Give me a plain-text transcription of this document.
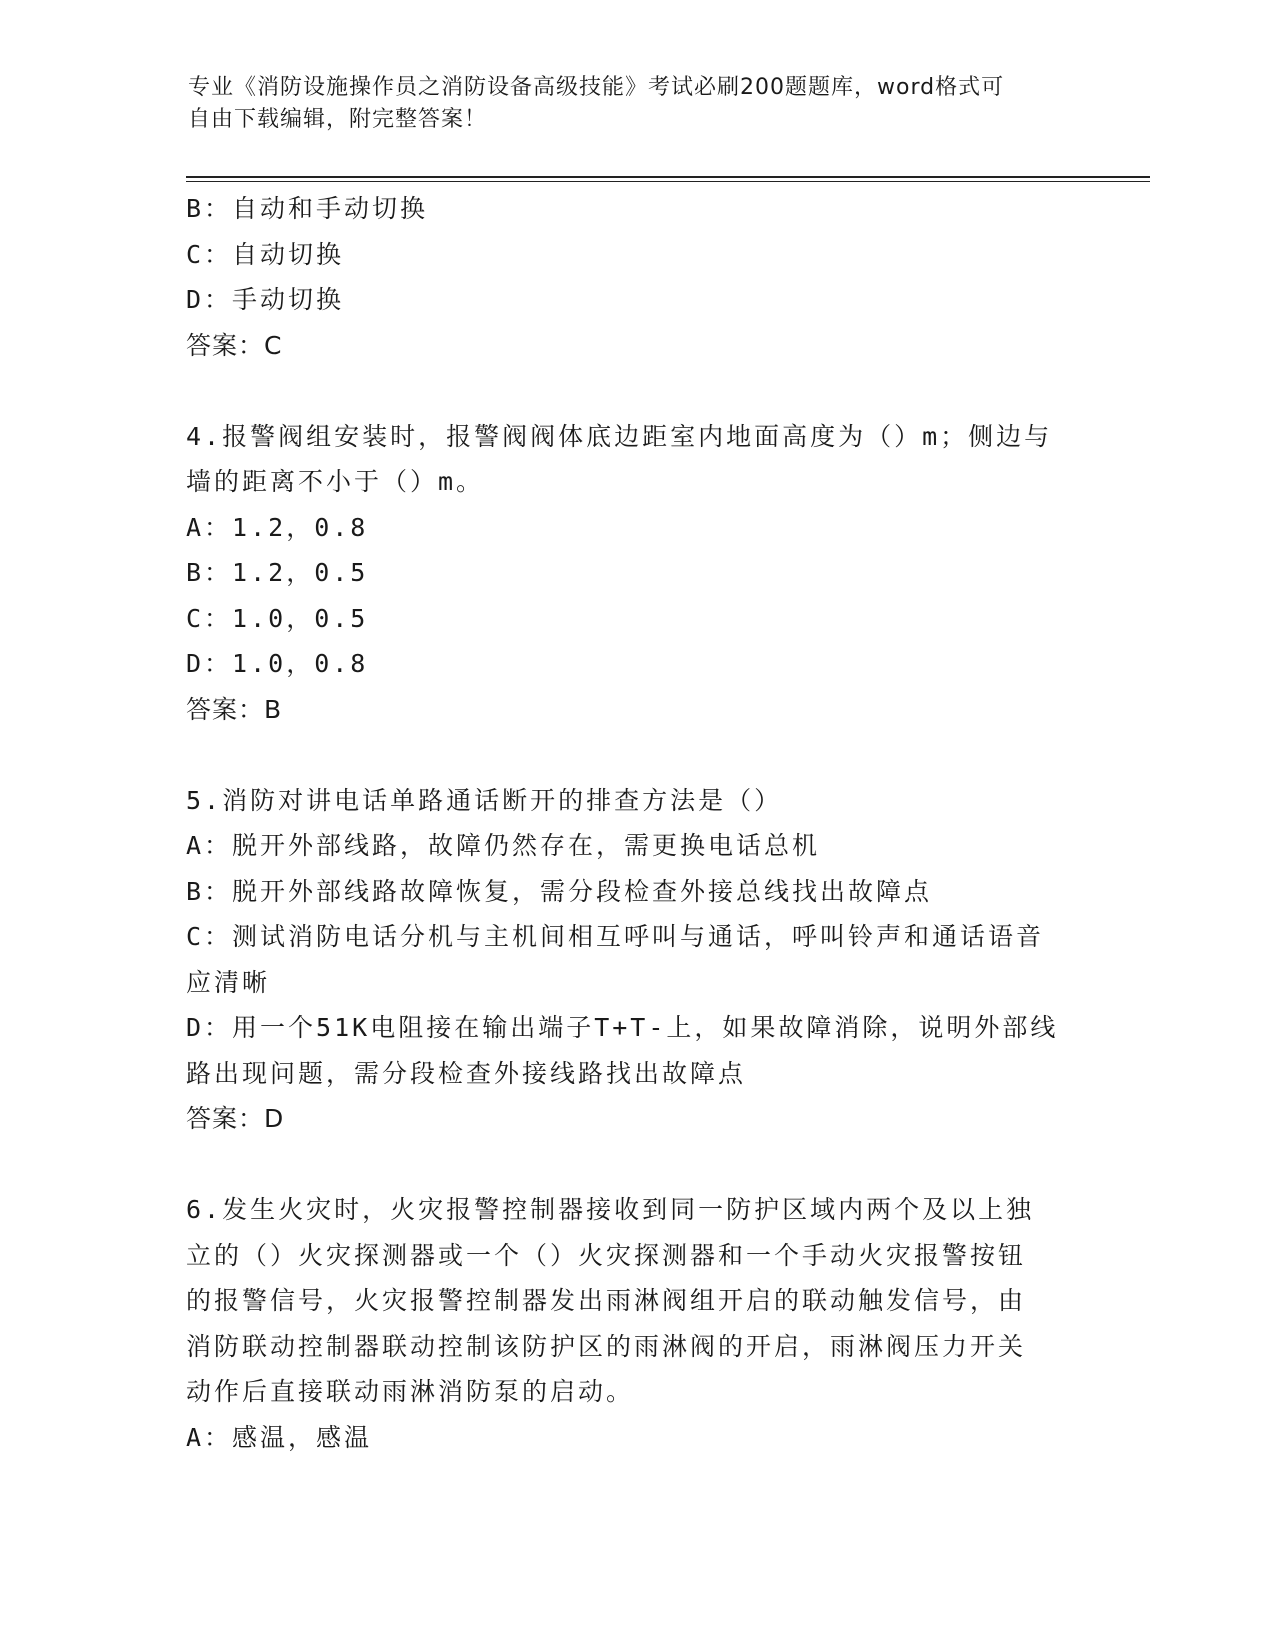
专业《消防设施操作员之消防设备高级技能》考试必刷200题题库，word格式可
自由下载编辑，附完整答案！

B：自动和手动切换

C：自动切换

D：手动切换

答案：C

4.报警阀组安装时，报警阀阀体底边距室内地面高度为（）m；侧边与

墙的距离不小于（）m。

A：1.2，0.8

B：1.2，0.5

C：1.0，0.5

D：1.0，0.8

答案：B

5.消防对讲电话单路通话断开的排查方法是（）

A：脱开外部线路，故障仍然存在，需更换电话总机

B：脱开外部线路故障恢复，需分段检查外接总线找出故障点

C：测试消防电话分机与主机间相互呼叫与通话，呼叫铃声和通话语音

应清晰

D：用一个51K电阻接在输出端子T+T-上，如果故障消除，说明外部线

路出现问题，需分段检查外接线路找出故障点

答案：D

6.发生火灾时，火灾报警控制器接收到同一防护区域内两个及以上独

立的（）火灾探测器或一个（）火灾探测器和一个手动火灾报警按钮

的报警信号，火灾报警控制器发出雨淋阀组开启的联动触发信号，由

消防联动控制器联动控制该防护区的雨淋阀的开启，雨淋阀压力开关

动作后直接联动雨淋消防泵的启动。

A：感温，感温
